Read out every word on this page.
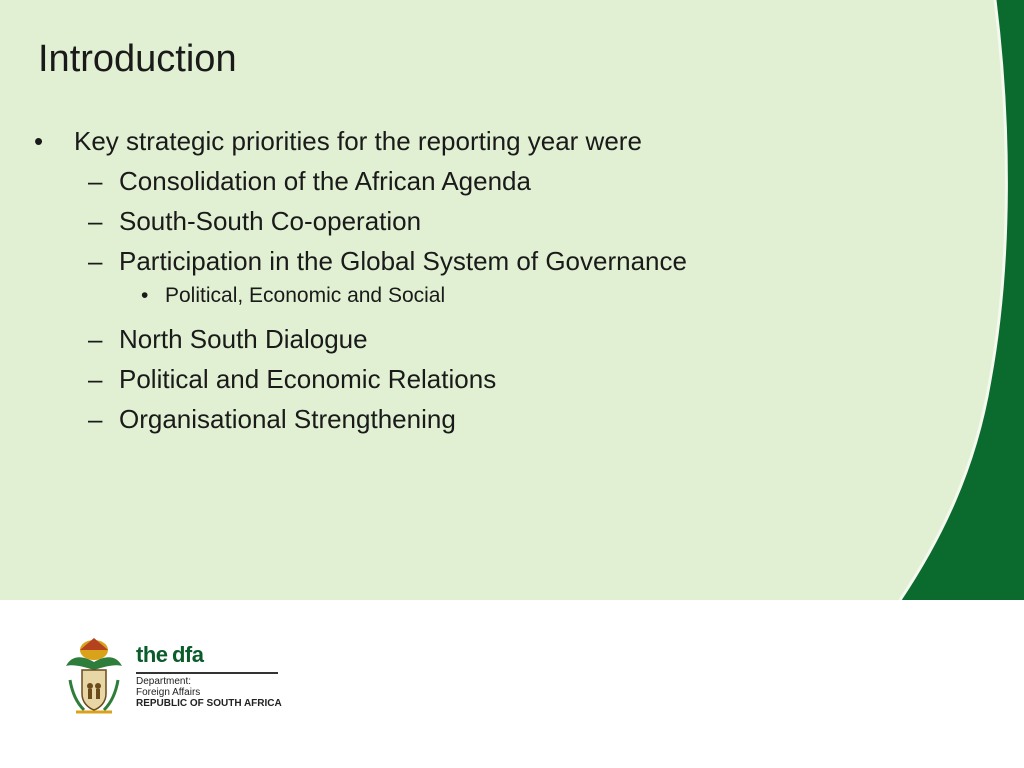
Introduction
• Key strategic priorities for the reporting year were
– Consolidation of the African Agenda
– South-South Co-operation
– Participation in the Global System of Governance
• Political, Economic and Social
– North South Dialogue
– Political and Economic Relations
– Organisational Strengthening
the dfa
Department:
Foreign Affairs
REPUBLIC OF SOUTH AFRICA
